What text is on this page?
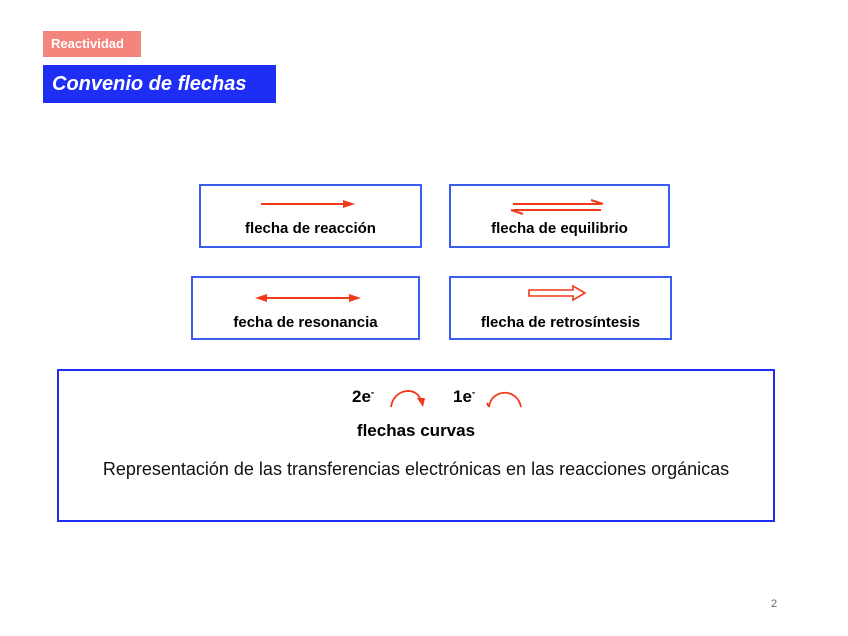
Reactividad
Convenio de flechas
flecha de reacción	flecha de equilibrio
fecha de resonancia	flecha de retrosíntesis
2e-	1e-
flechas curvas
Representación de las transferencias electrónicas en las reacciones orgánicas
2
